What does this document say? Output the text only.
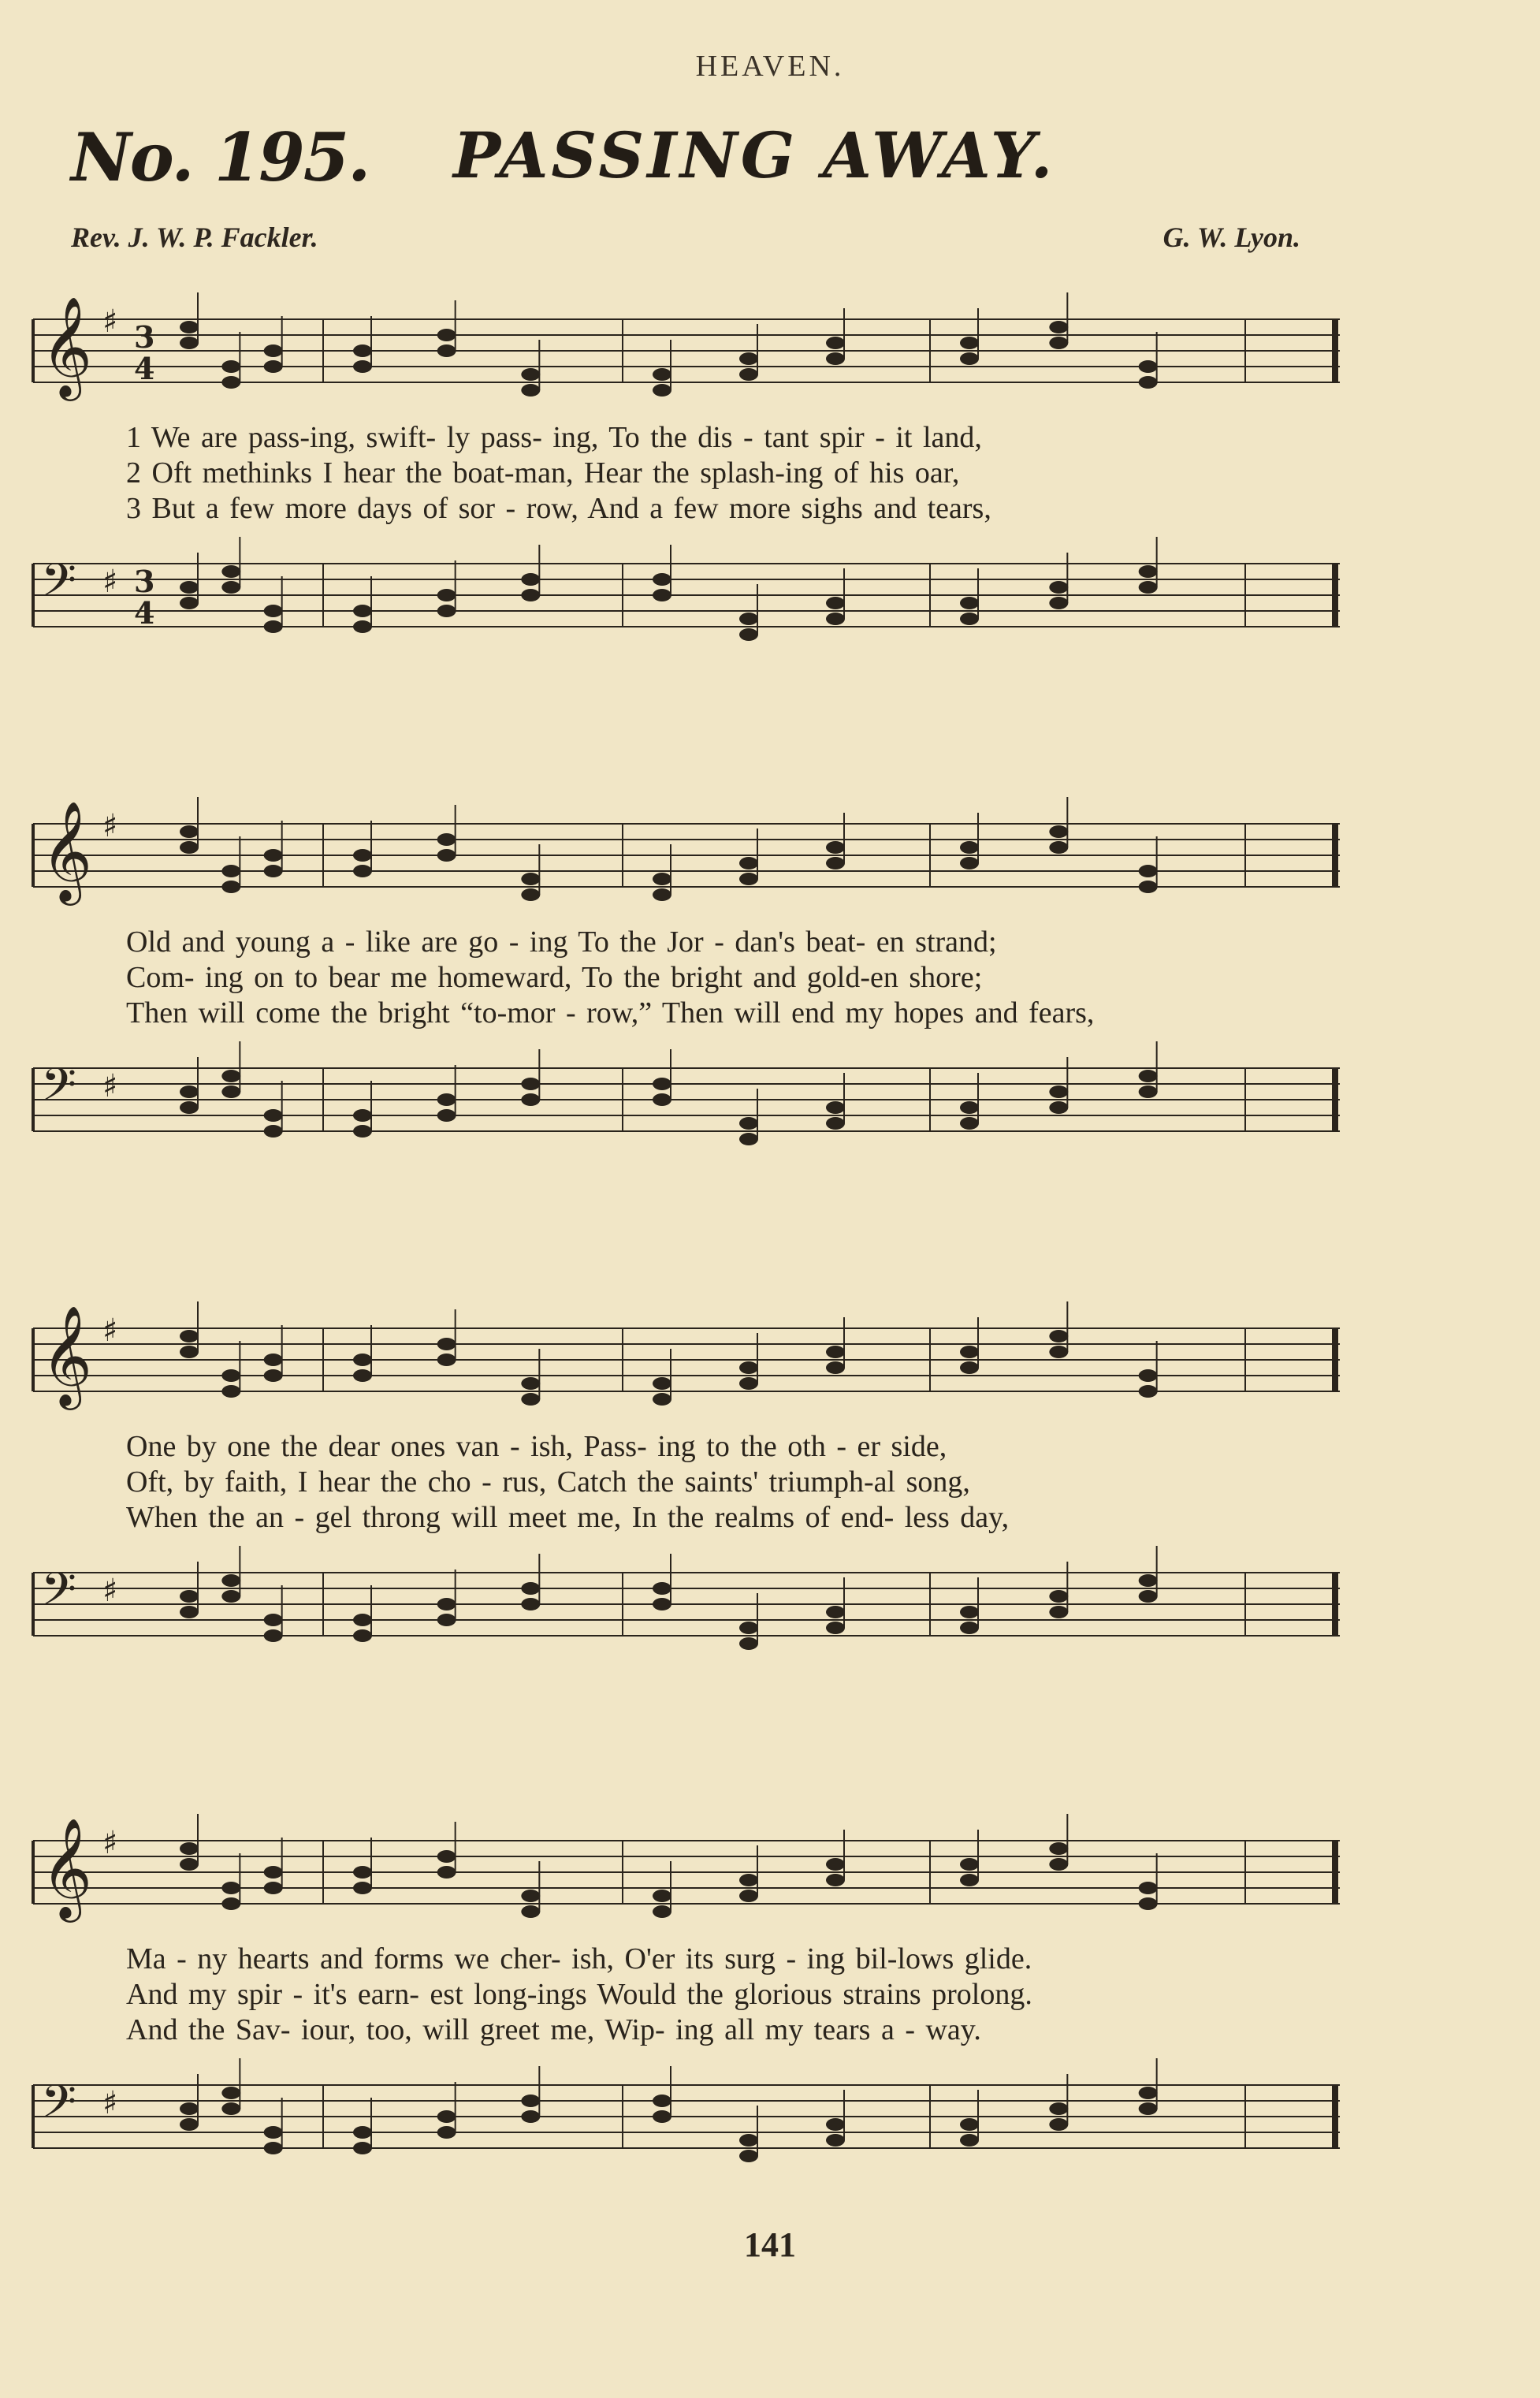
HEAVEN.
No. 195. PASSING AWAY.
Rev. J. W. P. Fackler.	G. W. Lyon.
𝄞 ♯ 3
4
1 We are pass-ing, swift- ly pass- ing, To the dis - tant spir - it land,
2 Oft methinks I hear the boat-man, Hear the splash-ing of his oar,
3 But a few more days of sor - row, And a few more sighs and tears,
𝄢 ♯ 3
4
𝄞 ♯
Old and young a - like are go - ing To the Jor - dan's beat- en strand;
Com- ing on to bear me homeward, To the bright and gold-en shore;
Then will come the bright “to-mor - row,” Then will end my hopes and fears,
𝄢 ♯
𝄞 ♯
One by one the dear ones van - ish, Pass- ing to the oth - er side,
Oft, by faith, I hear the cho - rus, Catch the saints' triumph-al song,
When the an - gel throng will meet me, In the realms of end- less day,
𝄢 ♯
𝄞 ♯
Ma - ny hearts and forms we cher- ish, O'er its surg - ing bil-lows glide.
And my spir - it's earn- est long-ings Would the glorious strains prolong.
And the Sav- iour, too, will greet me, Wip- ing all my tears a - way.
𝄢 ♯
141
